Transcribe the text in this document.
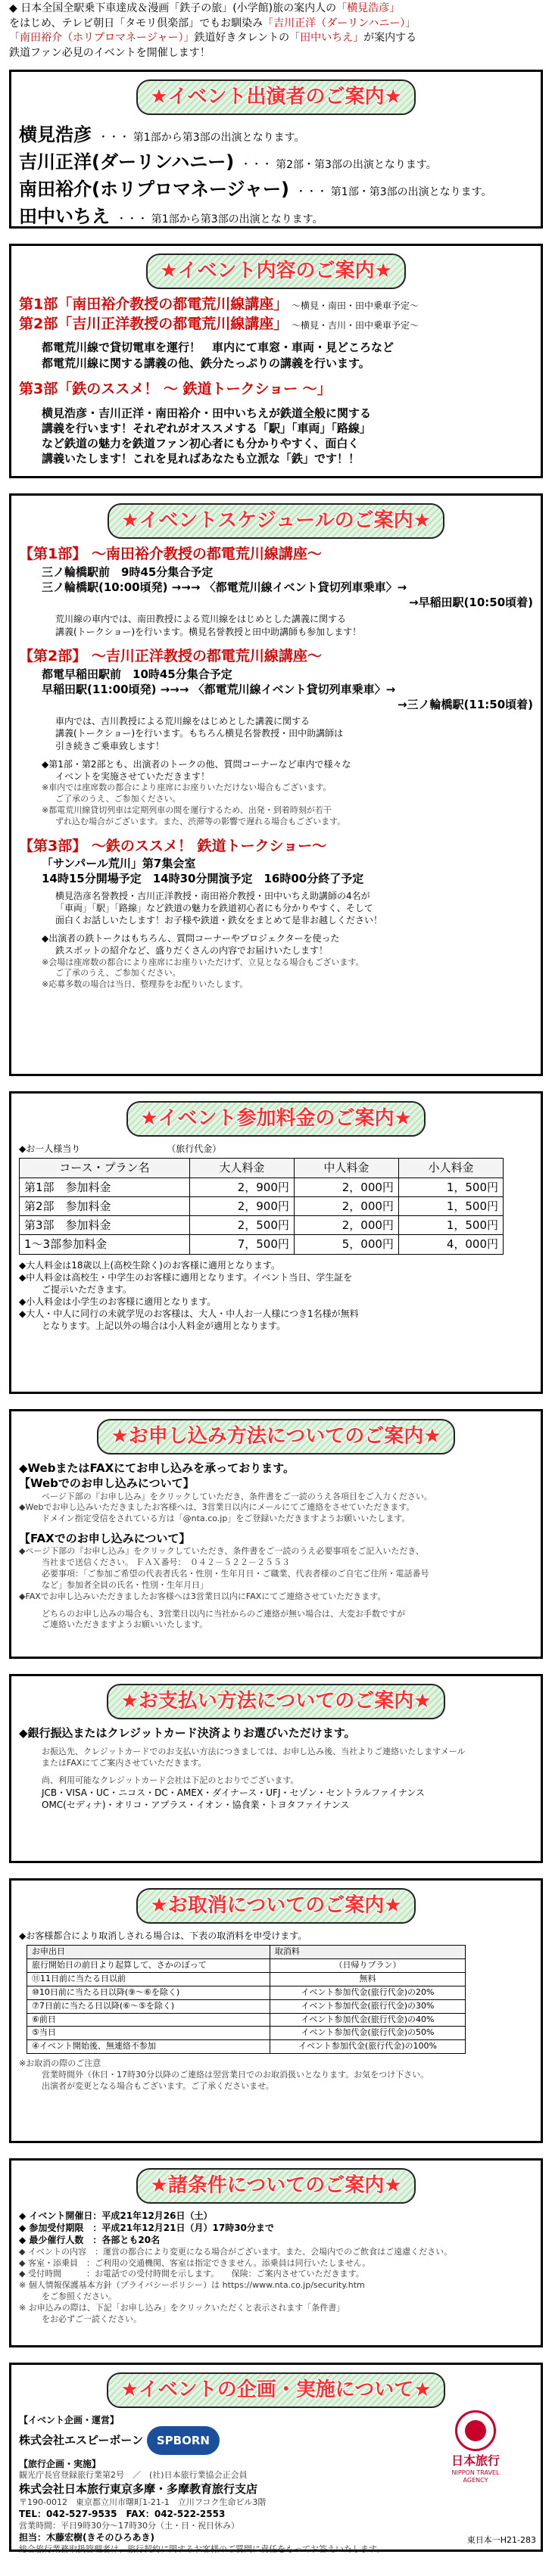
◆ 日本全国全駅乗下車達成＆漫画「鉄子の旅」(小学館)旅の案内人の「横見浩彦」
をはじめ、テレビ朝日「タモリ倶楽部」でもお馴染み「吉川正洋（ダーリンハニー）」
「南田裕介（ホリプロマネージャー）」鉄道好きタレントの「田中いちえ」が案内する
鉄道ファン必見のイベントを開催します！
★イベント出演者のご案内★
横見浩彦 ・・・ 第1部から第3部の出演となります。
吉川正洋(ダーリンハニー) ・・・ 第2部・第3部の出演となります。
南田裕介(ホリプロマネージャー) ・・・ 第1部・第3部の出演となります。
田中いちえ ・・・ 第1部から第3部の出演となります。
★イベント内容のご案内★
第1部「南田裕介教授の都電荒川線講座」 ～横見・南田・田中乗車予定～
第2部「吉川正洋教授の都電荒川線講座」 ～横見・吉川・田中乗車予定～
都電荒川線で貸切電車を運行！　車内にて車窓・車両・見どころなど
都電荒川線に関する講義の他、鉄分たっぷりの講義を行います。
第3部「鉄のススメ！ ～ 鉄道トークショー ～」
横見浩彦・吉川正洋・南田裕介・田中いちえが鉄道全般に関する
講義を行います！それぞれがオススメする「駅」「車両」「路線」
など鉄道の魅力を鉄道ファン初心者にも分かりやすく、面白く
講義いたします！これを見ればあなたも立派な「鉄」です！！
★イベントスケジュールのご案内★
【第1部】 ～南田裕介教授の都電荒川線講座～
三ノ輪橋駅前　9時45分集合予定
三ノ輪橋駅(10:00頃発) →→→ 〈都電荒川線イベント貸切列車乗車〉→
→早稲田駅(10:50頃着)
荒川線の車内では、南田教授による荒川線をはじめとした講義に関する
講義(トークショー)を行います。横見名誉教授と田中助講師も参加します！
【第2部】 ～吉川正洋教授の都電荒川線講座～
都電早稲田駅前　10時45分集合予定
早稲田駅(11:00頃発) →→→ 〈都電荒川線イベント貸切列車乗車〉→
→三ノ輪橋駅(11:50頃着)
車内では、吉川教授による荒川線をはじめとした講義に関する
講義(トークショー)を行います。もちろん横見名誉教授・田中助講師は
引き続きご乗車致します！
◆第1部・第2部とも、出演者のトークの他、質問コーナーなど車内で様々な
イベントを実施させていただきます！
※車内では座席数の都合により座席にお座りいただけない場合もございます。
ご了承のうえ、ご参加ください。
※都電荒川線貸切列車は定期列車の間を運行するため、出発・到着時刻が若干
ずれ込む場合がございます。また、渋滞等の影響で遅れる場合もございます。
【第3部】 ～鉄のススメ！ 鉄道トークショー～
「サンパール荒川」第7集会室
14時15分開場予定　14時30分開演予定　16時00分終了予定
横見浩彦名誉教授・吉川正洋教授・南田裕介教授・田中いちえ助講師の4名が
「車両」「駅」「路線」など鉄道の魅力を鉄道初心者にも分かりやすく、そして
面白くお話しいたします！お子様や鉄道・鉄女をまとめて是非お越しください！
◆出演者の鉄トークはもちろん、質問コーナーやプロジェクターを使った
鉄スポットの紹介など、盛りだくさんの内容でお届けいたします！
※会場は座席数の都合により座席にお座りいただけず、立見となる場合もございます。
ご了承のうえ、ご参加ください。
※応募多数の場合は当日、整理券をお配りいたします。
★イベント参加料金のご案内★
◆お一人様当り　　　　　　　　　　	（旅行代金）
コース・プラン名	大人料金	中人料金	小人料金
第1部　参加料金	2，900円	2，000円	1，500円
第2部　参加料金	2，900円	2，000円	1，500円
第3部　参加料金	2，500円	2，000円	1，500円
1～3部参加料金	7，500円	5，000円	4，000円
◆大人料金は18歳以上(高校生除く)のお客様に適用となります。
◆中人料金は高校生・中学生のお客様に適用となります。イベント当日、学生証を
ご提示いただきます。
◆小人料金は小学生のお客様に適用となります。
◆大人・中人に同行の未就学児のお客様は、大人・中人お一人様につき1名様が無料
となります。上記以外の場合は小人料金が適用となります。
★お申し込み方法についてのご案内★
◆WebまたはFAXにてお申し込みを承っております。
【Webでのお申し込みについて】
ページ下部の『お申し込み』をクリックしていただき、条件書をご一読のうえ各項目をご入力ください。
◆Webでお申し込みいただきましたお客様へは、3営業日以内にメールにてご連絡をさせていただきます。
ドメイン指定受信をされている方は「@nta.co.jp」をご登録いただきますようお願いいたします。
【FAXでのお申し込みについて】
◆ページ下部の『お申し込み』をクリックしていただき、条件書をご一読のうえ必要事項をご記入いただき、
当社まで送信ください。 ＦＡＸ番号：　０４２－５２２－２５５３
必要事項：「ご参加ご希望の代表者氏名・性別・生年月日・ご職業、代表者様のご自宅ご住所・電話番号
など」参加者全員の氏名・性別・生年月日」
◆FAXでお申し込みいただきましたお客様へは3営業日以内にFAXにてご連絡させていただきます。
どちらのお申し込みの場合も、3営業日以内に当社からのご連絡が無い場合は、大変お手数ですが
ご連絡いただきますようお願いいたします。
★お支払い方法についてのご案内★
◆銀行振込またはクレジットカード決済よりお選びいただけます。
お振込先、クレジットカードでのお支払い方法につきましては、お申し込み後、当社よりご連絡いたしますメール
またはFAXにてご案内させていただきます。
尚、利用可能なクレジットカード会社は下記のとおりでございます。
JCB・VISA・UC・ニコス・DC・AMEX・ダイナース・UFJ・セゾン・セントラルファイナンス
OMC(セディナ)・オリコ・アプラス・イオン・協食業・トヨタファイナンス
★お取消についてのご案内★
◆お客様都合により取消しされる場合は、下表の取消料を申受けます。
お申出日	取消料
旅行開始日の前日より起算して、さかのぼって	（日帰りプラン）
⑪11日前に当たる日以前	無料
⑩10日前に当たる日以降(⑨～⑥を除く)	イベント参加代金(旅行代金)の20%
⑦7日前に当たる日以降(⑥～⑤を除く)	イベント参加代金(旅行代金)の30%
⑥前日	イベント参加代金(旅行代金)の40%
⑤当日	イベント参加代金(旅行代金)の50%
④イベント開始後、無連絡不参加	イベント参加代金(旅行代金)の100%
※お取消の際のご注意
営業時間外（休日・17時30分以降のご連絡は翌営業日でのお取消扱いとなります。お気をつけ下さい。
出演者が変更となる場合もございます。ご了承くださいませ。
★諸条件についてのご案内★
◆ イベント開催日：平成21年12月26日（土）
◆ 参加受付期限　：平成21年12月21日（月）17時30分まで
◆ 最少催行人数　：各部とも20名
◆ イベントの内容　：運営の都合により変更になる場合がございます。また、会場内でのご飲食はご遠慮ください。
◆ 客室・添乗員　：ご利用の交通機関、客室は指定できません。添乗員は同行いたしません。
◆ 受付時間　　　：お電話での受付時間を示します。　　保険：ご案内させていただきます。
※ 個人情報保護基本方針（プライバシーポリシー）は https://www.nta.co.jp/security.htm
をご参照ください。
※ お申込みの際は、下記「お申し込み」をクリックいただくと表示されます「条件書」
をお必ずご一読ください。
★イベントの企画・実施について★
【イベント企画・運営】
株式会社エスピーボーン SPBORN
【旅行企画・実施】
観光庁長官登録旅行業第2号　／　(社)日本旅行業協会正会員
株式会社日本旅行東京多摩・多摩教育旅行支店
〒190-0012　東京都立川市曙町1-21-1　立川フコク生命ビル3階
TEL：042-527-9535　FAX：042-522-2553
営業時間：平日9時30分～17時30分（土・日・祝日休み）
担当：木藤宏樹(きそのひろあき)
総合旅行業務取扱管理者は、旅行契約に関するお客様のご質問に責任をもってお答えいたします。
日本旅行
NIPPON TRAVEL AGENCY
東日本一H21-283
